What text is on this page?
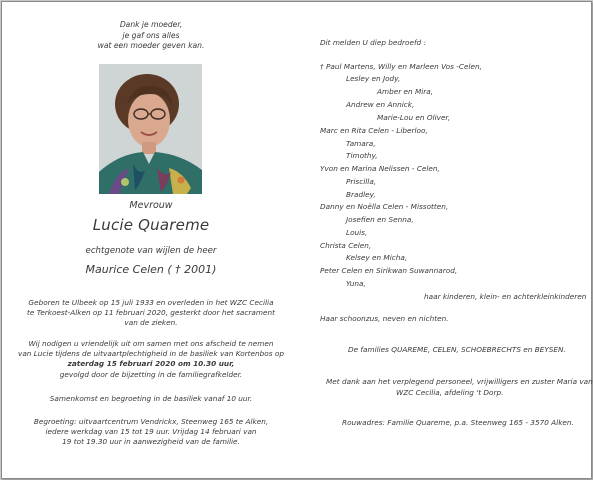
Dank je moeder,
je gaf ons alles
wat een moeder geven kan.
Mevrouw
Lucie Quareme
echtgenote van wijlen de heer
Maurice Celen ( † 2001)
Geboren te Ulbeek op 15 juli 1933 en overleden in het WZC Cecilia
te Terkoest-Alken op 11 februari 2020, gesterkt door het sacrament
van de zieken.
Wij nodigen u vriendelijk uit om samen met ons afscheid te nemen
van Lucie tijdens de uitvaartplechtigheid in de basiliek van Kortenbos op
zaterdag 15 februari 2020 om 10.30 uur,
gevolgd door de bijzetting in de familiegrafkelder.
Samenkomst en begroeting in de basiliek vanaf 10 uur.
Begroeting: uitvaartcentrum Vendrickx, Steenweg 165 te Alken,
iedere werkdag van 15 tot 19 uur. Vrijdag 14 februari van
19 tot 19.30 uur in aanwezigheid van de familie.
Dit melden U diep bedroefd :
† Paul Martens, Willy en Marleen Vos -Celen,
Lesley en Jody,
Amber en Mira,
Andrew en Annick,
Marie-Lou en Oliver,
Marc en Rita Celen - Liberloo,
Tamara,
Timothy,
Yvon en Marina Nelissen - Celen,
Priscilla,
Bradley,
Danny en Noëlla Celen - Missotten,
Josefien en Senna,
Louis,
Christa Celen,
Kelsey en Micha,
Peter Celen en Sirikwan Suwannarod,
Yuna,
haar kinderen, klein- en achterkleinkinderen
Haar schoonzus, neven en nichten.
De families QUAREME, CELEN, SCHOEBRECHTS en BEYSEN.
Met dank aan het verplegend personeel, vrijwilligers en zuster Maria van
WZC Cecilia, afdeling 't Dorp.
Rouwadres: Familie Quareme, p.a. Steenweg 165 - 3570 Alken.
